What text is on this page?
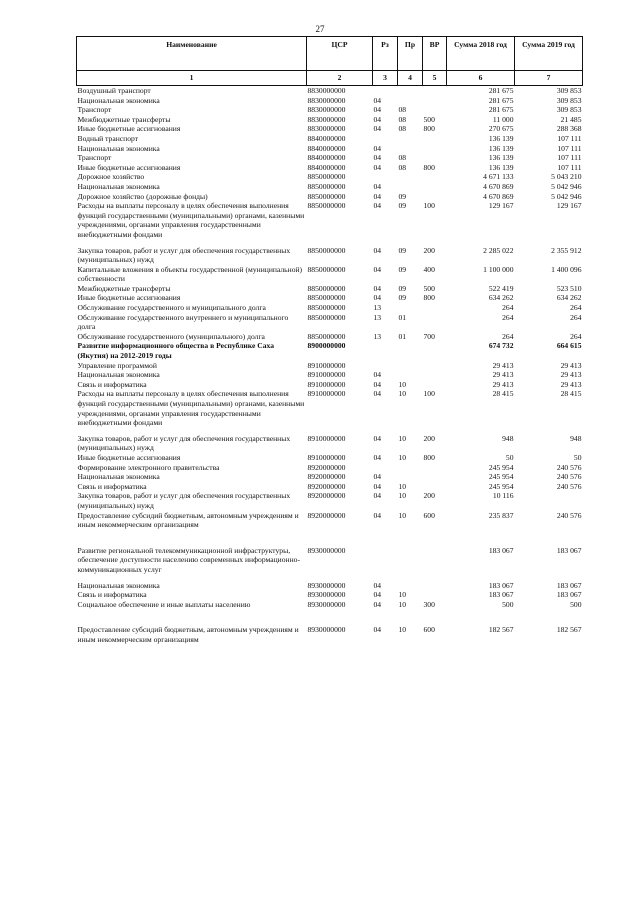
27
Наименование	ЦСР	Рз	Пр	ВР	Сумма 2018 год	Сумма 2019 год
1	2	3	4	5	6	7
Воздушный транспорт	8830000000				281 675	309 853
Национальная экономика	8830000000	04			281 675	309 853
Транспорт	8830000000	04	08		281 675	309 853
Межбюджетные трансферты	8830000000	04	08	500	11 000	21 485
Иные бюджетные ассигнования	8830000000	04	08	800	270 675	288 368
Водный транспорт	8840000000				136 139	107 111
Национальная экономика	8840000000	04			136 139	107 111
Транспорт	8840000000	04	08		136 139	107 111
Иные бюджетные ассигнования	8840000000	04	08	800	136 139	107 111
Дорожное хозяйство	8850000000				4 671 133	5 043 210
Национальная экономика	8850000000	04			4 670 869	5 042 946
Дорожное хозяйство (дорожные фонды)	8850000000	04	09		4 670 869	5 042 946
Расходы на выплаты персоналу в целях обеспечения выполнения функций государственными (муниципальными) органами, казенными учреждениями, органами управления государственными внебюджетными фондами	8850000000	04	09	100	129 167	129 167
Закупка товаров, работ и услуг для обеспечения государственных (муниципальных) нужд	8850000000	04	09	200	2 285 022	2 355 912
Капитальные вложения в объекты государственной (муниципальной) собственности	8850000000	04	09	400	1 100 000	1 400 096
Межбюджетные трансферты	8850000000	04	09	500	522 419	523 510
Иные бюджетные ассигнования	8850000000	04	09	800	634 262	634 262
Обслуживание государственного и муниципального долга	8850000000	13			264	264
Обслуживание государственного внутреннего и муниципального долга	8850000000	13	01		264	264
Обслуживание государственного (муниципального) долга	8850000000	13	01	700	264	264
Развитие информационного общества в Республике Саха (Якутия) на 2012-2019 годы	8900000000				674 732	664 615
Управление программой	8910000000				29 413	29 413
Национальная экономика	8910000000	04			29 413	29 413
Связь и информатика	8910000000	04	10		29 413	29 413
Расходы на выплаты персоналу в целях обеспечения выполнения функций государственными (муниципальными) органами, казенными учреждениями, органами управления государственными внебюджетными фондами	8910000000	04	10	100	28 415	28 415
Закупка товаров, работ и услуг для обеспечения государственных (муниципальных) нужд	8910000000	04	10	200	948	948
Иные бюджетные ассигнования	8910000000	04	10	800	50	50
Формирование электронного правительства	8920000000				245 954	240 576
Национальная экономика	8920000000	04			245 954	240 576
Связь и информатика	8920000000	04	10		245 954	240 576
Закупка товаров, работ и услуг для обеспечения государственных (муниципальных) нужд	8920000000	04	10	200	10 116	
Предоставление субсидий бюджетным, автономным учреждениям и иным некоммерческим организациям	8920000000	04	10	600	235 837	240 576
Развитие региональной телекоммуникационной инфраструктуры, обеспечение доступности населению современных информационно-коммуникационных услуг	8930000000				183 067	183 067
Национальная экономика	8930000000	04			183 067	183 067
Связь и информатика	8930000000	04	10		183 067	183 067
Социальное обеспечение и иные выплаты населению	8930000000	04	10	300	500	500
Предоставление субсидий бюджетным, автономным учреждениям и иным некоммерческим организациям	8930000000	04	10	600	182 567	182 567
